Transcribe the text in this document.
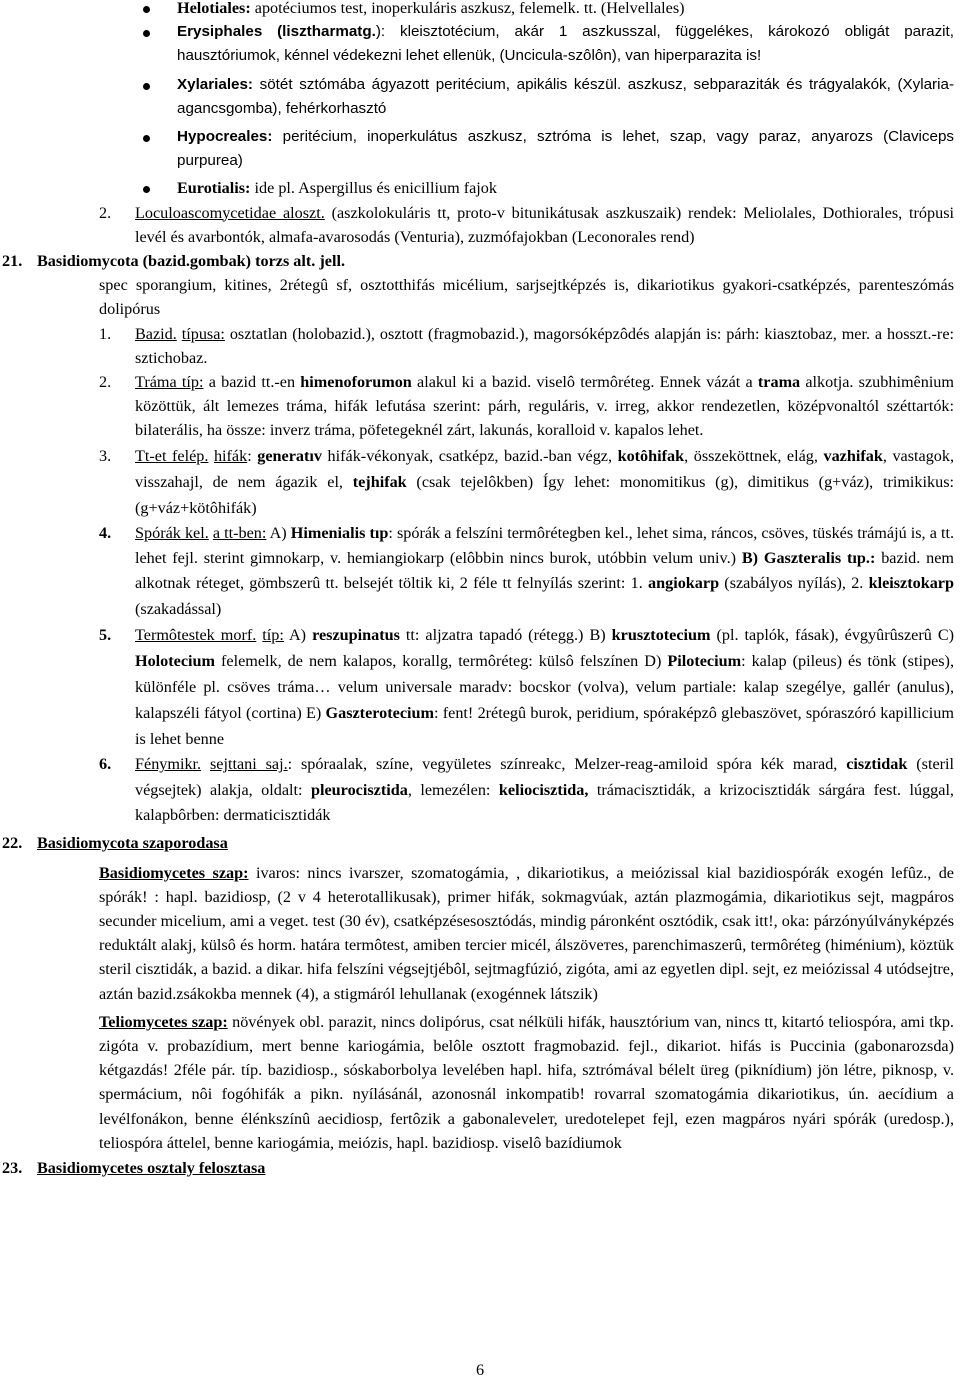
Helotiales: apotéciumos test, inoperkuláris aszkusz, felemelk. tt. (Helvellales)
Erysiphales (lisztharmatg.): kleisztotécium, akár 1 aszkusszal, függelékes, károkozó obligát parazit, hausztóriumok, kénnel védekezni lehet ellenük, (Uncicula-szôlôn), van hiperparazita is!
Xylariales: sötét sztómába ágyazott peritécium, apikális készül. aszkusz, sebparaziták és trágyalakók, (Xylaria-agancsgomba), fehérkorhasztó
Hypocreales: peritécium, inoperkulátus aszkusz, sztróma is lehet, szap, vagy paraz, anyarozs (Claviceps purpurea)
Eurotialis: ide pl. Aspergillus és enicillium fajok
2. Loculoascomycetidae aloszt. (aszkolokuláris tt, proto-v bitunikátusak aszkuszaik) rendek: Meliolales, Dothiorales, trópusi levél és avarbontók, almafa-avarosodás (Venturia), zuzmófajokban (Leconorales rend)
21. Basidiomycota (bazid.gombak) torzs alt. jell.
spec sporangium, kitines, 2rétegû sf, osztotthifás micélium, sarjsejtképzés is, dikariotikus gyakori-csatképzés, parenteszómás dolipórus
1. Bazid. típusa: osztatlan (holobazid.), osztott (fragmobazid.), magorsóképzôdés alapján is: párh: kiasztobaz, mer. a hosszt.-re: sztichobaz.
2. Trámа típ: a bazid tt.-en himenoforumon alakul ki a bazid. viselô termôréteg. Ennek vázát a trama alkotja. szubhimênium közöttük, ált lemezes tráma, hifák lefutása szerint: párh, reguláris, v. irreg, akkor rendezetlen, középvonaltól széttartók: bilaterális, ha össze: inverz tráma, pöfetegeknél zárt, lakunás, koralloid v. kapalos lehet.
3. Tt-et felép. hifák: generatıv hifák-vékonyak, csatképz, bazid.-ban végz, kotôhifak, összeköttnek, elág, vazhifak, vastagok, visszahajl, de nem ágazik el, tejhifak (csak tejelôkben) Így lehet: monomitikus (g), dimitikus (g+váz), trimikikus: (g+váz+kötôhifák)
4. Spórák kel. a tt-ben: A) Himenialis tıp: spórák a felszíni termôrétegben kel., lehet sima, ráncos, csöves, tüskés trámájú is, a tt. lehet fejl. sterint gimnokarp, v. hemiangiokarp (elôbbin nincs burok, utóbbin velum univ.) B) Gaszteralis tıp.: bazid. nem alkotnak réteget, gömbszerû tt. belsejét töltik ki, 2 féle tt felnyílás szerint: 1. angiokarp (szabályos nyílás), 2. kleisztokarp (szakadással)
5. Termôtestek morf. típ: A) reszupinatus tt: aljzatra tapadó (rétegg.) B) krusztotecium (pl. taplók, fásak), évgyûrûszerû C) Holotecium felemelk, de nem kalapos, korallg, termôréteg: külsô felszínen D) Pilotecium: kalap (pileus) és tönk (stipes), különféle pl. csöves tráma… velum universale maradv: bocskor (volva), velum partiale: kalap szegélye, gallér (anulus), kalapszéli fátyol (cortina) E) Gaszterotecium: fent! 2rétegû burok, peridium, spóraképzô glebaszövet, spóraszóró kapillicium is lehet benne
6. Fénymikr. sejttani saj.: spóraalak, színe, vegyületes színreakc, Melzer-reag-amiloid spóra kék marad, cisztidak (steril végsejtek) alakja, oldalt: pleurocisztida, lemezélen: keliocisztida, trámacisztidák, a krizocisztidák sárgára fest. lúggal, kalapbôrben: dermaticisztidák
22. Basidiomycota szaporodasa
Basidiomycetes szap: ivaros: nincs ivarszer, szomatogámia, , dikariotikus, a meiózissal kial bazidiospórák exogén lefûz., de spórák! : hapl. bazidiosp, (2 v 4 heterotallikusak), primer hifák, sokmagvúak, aztán plazmogámia, dikariotikus sejt, magpáros secunder micelium, ami a veget. test (30 év), csatképzésesosztódás, mindig páronként osztódik, csak itt!, oka: párzónyúlványképzés reduktált alakj, külsô és horm. határa termôtest, amiben tercier micél, álszöveтes, parenchimaszerû, termôréteg (himénium), köztük steril cisztidák, a bazid. a dikar. hifa felszíni végsejtjébôl, sejtmagfúzió, zigóta, ami az egyetlen dipl. sejt, ez meiózissal 4 utódsejtre, aztán bazid.zsákokba mennek (4), a stigmáról lehullanak (exogénnek látszik)
Teliomycetes szap: növények obl. parazit, nincs dolipórus, csat nélküli hifák, hausztórium van, nincs tt, kitartó teliospóra, ami tkp. zigóta v. probazídium, mert benne kariogámia, belôle osztott fragmobazid. fejl., dikariot. hifás is Puccinia (gabonarozsda) kétgazdás! 2féle pár. típ. bazidiosp., sóskaborbolya levelében hapl. hifa, sztrómával bélelt üreg (piknídium) jön létre, piknosp, v. spermácium, nôi fogóhifák a pikn. nyílásánál, azonosnál inkompatib! rovarral szomatogámia dikariotikus, ún. aecídium a levélfonákon, benne élénkszínû aecidiosp, fertôzik a gabonaleveleт, uredoteleреt fejl, ezen magpáros nyári spórák (uredosp.), teliospóra áttelel, benne kariogámia, meiózis, hapl. bazidiosp. viselô bazídiumok
23. Basidiomycetes osztaly felosztasa
6
